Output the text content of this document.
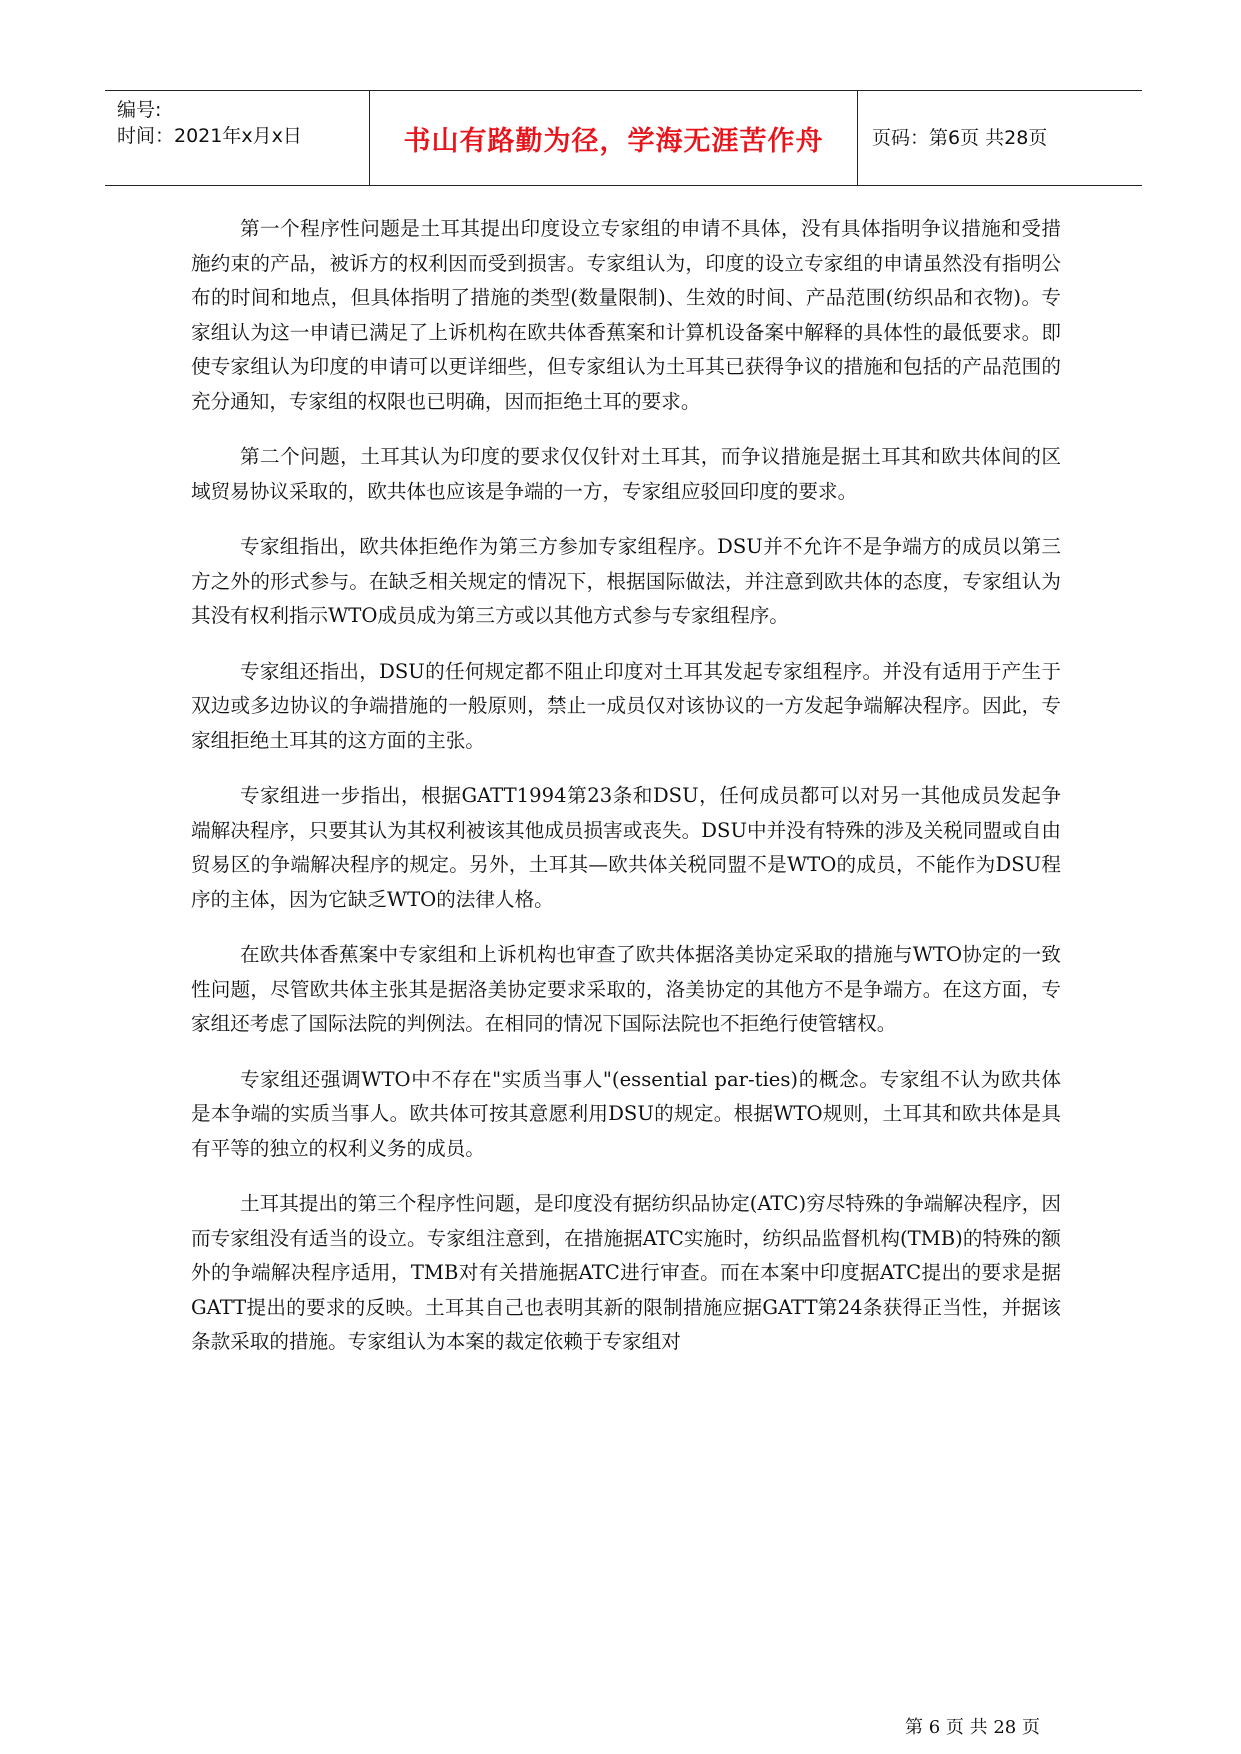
编号:
时间：2021年x月x日	书山有路勤为径，学海无涯苦作舟	页码：第6页 共28页

第一个程序性问题是土耳其提出印度设立专家组的申请不具体，没有具体指明争议措施和受措施约束的产品，被诉方的权利因而受到损害。专家组认为，印度的设立专家组的申请虽然没有指明公布的时间和地点，但具体指明了措施的类型(数量限制)、生效的时间、产品范围(纺织品和衣物)。专家组认为这一申请已满足了上诉机构在欧共体香蕉案和计算机设备案中解释的具体性的最低要求。即使专家组认为印度的申请可以更详细些，但专家组认为土耳其已获得争议的措施和包括的产品范围的充分通知，专家组的权限也已明确，因而拒绝土耳的要求。

第二个问题，土耳其认为印度的要求仅仅针对土耳其，而争议措施是据土耳其和欧共体间的区域贸易协议采取的，欧共体也应该是争端的一方，专家组应驳回印度的要求。

专家组指出，欧共体拒绝作为第三方参加专家组程序。DSU并不允许不是争端方的成员以第三方之外的形式参与。在缺乏相关规定的情况下，根据国际做法，并注意到欧共体的态度，专家组认为其没有权利指示WTO成员成为第三方或以其他方式参与专家组程序。

专家组还指出，DSU的任何规定都不阻止印度对土耳其发起专家组程序。并没有适用于产生于双边或多边协议的争端措施的一般原则，禁止一成员仅对该协议的一方发起争端解决程序。因此，专家组拒绝土耳其的这方面的主张。

专家组进一步指出，根据GATT1994第23条和DSU，任何成员都可以对另一其他成员发起争端解决程序，只要其认为其权利被该其他成员损害或丧失。DSU中并没有特殊的涉及关税同盟或自由贸易区的争端解决程序的规定。另外，土耳其—欧共体关税同盟不是WTO的成员，不能作为DSU程序的主体，因为它缺乏WTO的法律人格。

在欧共体香蕉案中专家组和上诉机构也审查了欧共体据洛美协定采取的措施与WTO协定的一致性问题，尽管欧共体主张其是据洛美协定要求采取的，洛美协定的其他方不是争端方。在这方面，专家组还考虑了国际法院的判例法。在相同的情况下国际法院也不拒绝行使管辖权。

专家组还强调WTO中不存在"实质当事人"(essential par-ties)的概念。专家组不认为欧共体是本争端的实质当事人。欧共体可按其意愿利用DSU的规定。根据WTO规则，土耳其和欧共体是具有平等的独立的权利义务的成员。

土耳其提出的第三个程序性问题，是印度没有据纺织品协定(ATC)穷尽特殊的争端解决程序，因而专家组没有适当的设立。专家组注意到，在措施据ATC实施时，纺织品监督机构(TMB)的特殊的额外的争端解决程序适用，TMB对有关措施据ATC进行审查。而在本案中印度据ATC提出的要求是据GATT提出的要求的反映。土耳其自己也表明其新的限制措施应据GATT第24条获得正当性，并据该条款采取的措施。专家组认为本案的裁定依赖于专家组对

第 6 页 共 28 页
